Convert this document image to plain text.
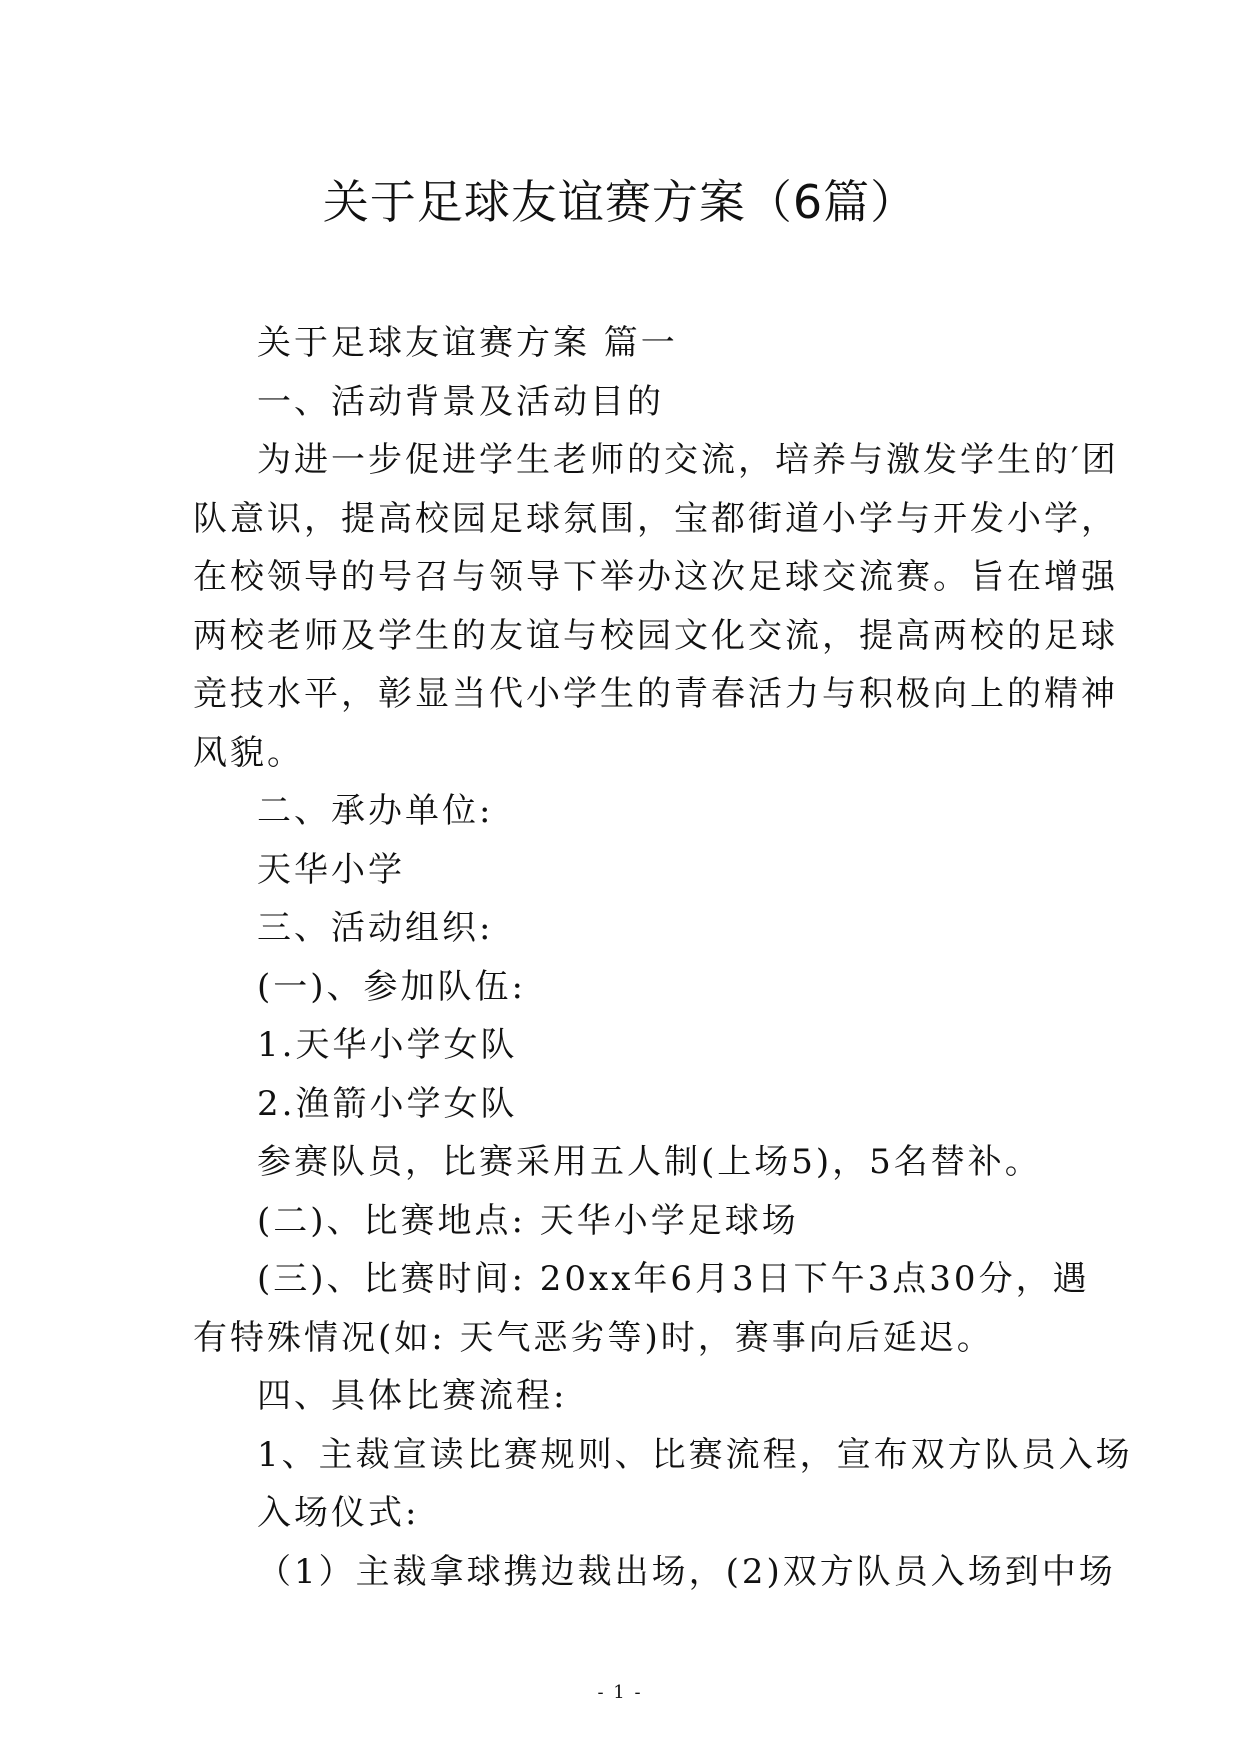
关于足球友谊赛方案（6篇）

关于足球友谊赛方案 篇一

一、活动背景及活动目的

为进一步促进学生老师的交流，培养与激发学生的′团

队意识，提高校园足球氛围，宝都街道小学与开发小学，

在校领导的号召与领导下举办这次足球交流赛。旨在增强

两校老师及学生的友谊与校园文化交流，提高两校的足球

竞技水平，彰显当代小学生的青春活力与积极向上的精神

风貌。

二、承办单位:

天华小学

三、活动组织:

(一)、参加队伍:

1.天华小学女队

2.渔箭小学女队

参赛队员，比赛采用五人制(上场5)，5名替补。

(二)、比赛地点: 天华小学足球场

(三)、比赛时间: 20xx年6月3日下午3点30分，遇

有特殊情况(如: 天气恶劣等)时，赛事向后延迟。

四、具体比赛流程:

1、主裁宣读比赛规则、比赛流程，宣布双方队员入场

入场仪式:

（1）主裁拿球携边裁出场，(2)双方队员入场到中场

- 1 -
